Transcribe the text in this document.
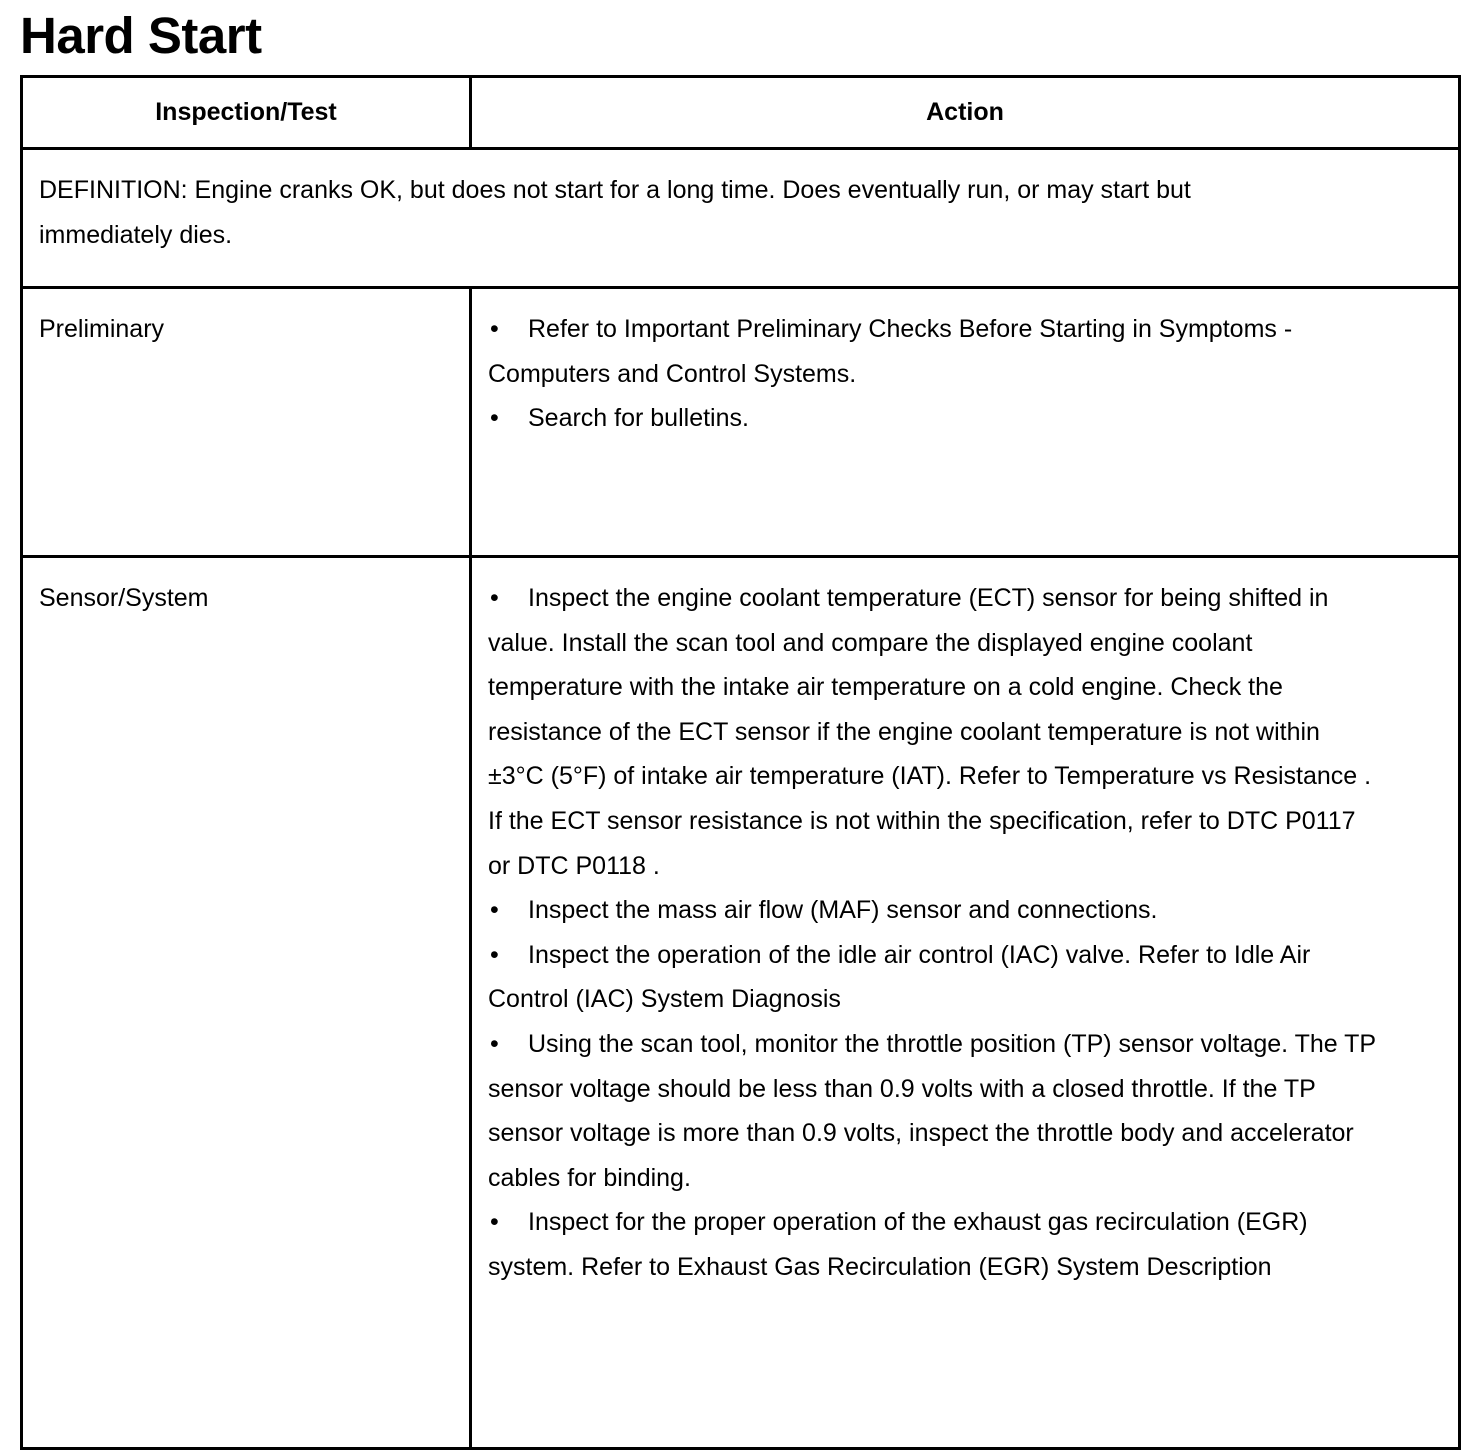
Hard Start
Inspection/Test	Action
DEFINITION: Engine cranks OK, but does not start for a long time. Does eventually run, or may start but immediately dies.	
Preliminary	• Refer to Important Preliminary Checks Before Starting in Symptoms - Computers and Control Systems.
• Search for bulletins.

Sensor/System	• Inspect the engine coolant temperature (ECT) sensor for being shifted in value. Install the scan tool and compare the displayed engine coolant temperature with the intake air temperature on a cold engine. Check the resistance of the ECT sensor if the engine coolant temperature is not within ±3°C (5°F) of intake air temperature (IAT). Refer to Temperature vs Resistance . If the ECT sensor resistance is not within the specification, refer to DTC P0117 or DTC P0118 .
• Inspect the mass air flow (MAF) sensor and connections.
• Inspect the operation of the idle air control (IAC) valve. Refer to Idle Air Control (IAC) System Diagnosis
• Using the scan tool, monitor the throttle position (TP) sensor voltage. The TP sensor voltage should be less than 0.9 volts with a closed throttle. If the TP sensor voltage is more than 0.9 volts, inspect the throttle body and accelerator cables for binding.
• Inspect for the proper operation of the exhaust gas recirculation (EGR) system. Refer to Exhaust Gas Recirculation (EGR) System Description
